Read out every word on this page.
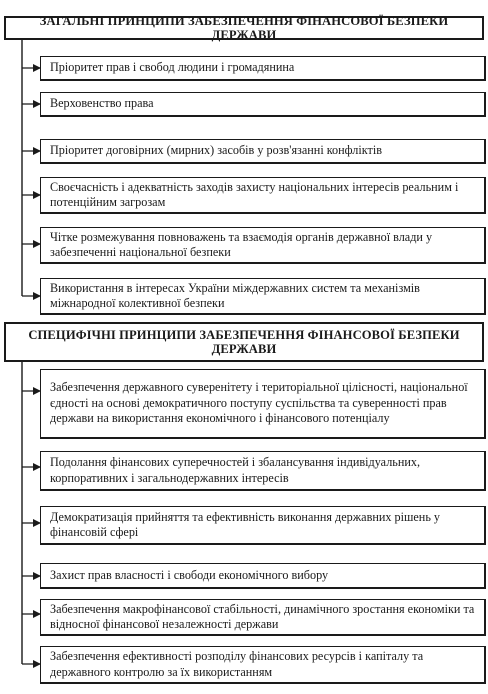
ЗАГАЛЬНІ ПРИНЦИПИ ЗАБЕЗПЕЧЕННЯ ФІНАНСОВОЇ БЕЗПЕКИ ДЕРЖАВИ
Пріоритет прав і свобод людини і громадянина
Верховенство права
Пріоритет договірних (мирних) засобів у розв'язанні конфліктів
Своєчасність і адекватність заходів захисту національних інтересів реальним і потенційним загрозам
Чітке розмежування повноважень та взаємодія органів державної влади у забезпеченні національної безпеки
Використання в інтересах України міждержавних систем та механізмів міжнародної колективної безпеки
СПЕЦИФІЧНІ ПРИНЦИПИ ЗАБЕЗПЕЧЕННЯ ФІНАНСОВОЇ БЕЗПЕКИ ДЕРЖАВИ
Забезпечення державного суверенітету і територіальної цілісності, національної єдності на основі демократичного поступу суспільства та суверенності прав держави на використання економічного і фінансового потенціалу
Подолання фінансових суперечностей і збалансування індивідуальних, корпоративних і загальнодержавних інтересів
Демократизація прийняття та ефективність виконання державних рішень у фінансовій сфері
Захист прав власності і свободи економічного вибору
Забезпечення макрофінансової стабільності, динамічного зростання економіки та відносної фінансової незалежності держави
Забезпечення ефективності розподілу фінансових ресурсів і капіталу та державного контролю за їх використанням
